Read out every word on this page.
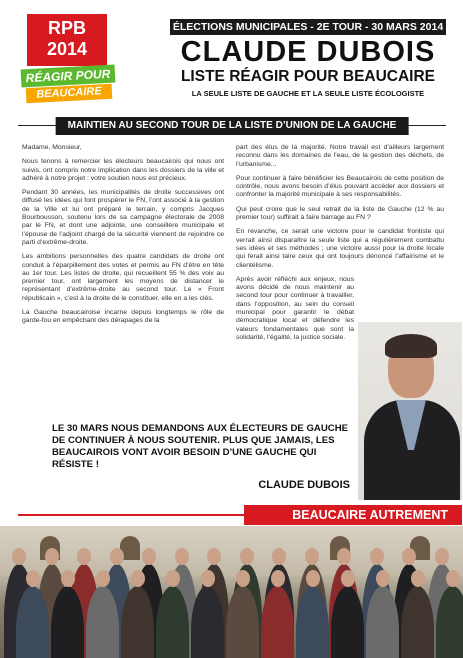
RPB
2014
RÉAGIR POUR
BEAUCAIRE
ÉLECTIONS MUNICIPALES - 2E TOUR - 30 MARS 2014
CLAUDE DUBOIS
LISTE RÉAGIR POUR BEAUCAIRE
LA SEULE LISTE DE GAUCHE ET LA SEULE LISTE ÉCOLOGISTE
MAINTIEN AU SECOND TOUR DE LA LISTE D’UNION DE LA GAUCHE

Madame, Monsieur,

Nous tenons à remercier les électeurs beaucairois qui nous ont suivis, ont compris notre implication dans les dossiers de la ville et adhéré à notre projet : votre soutien nous est précieux.

Pendant 30 années, les municipalités de droite successives ont diffusé les idées qui font prospérer le FN, l’ont associé à la gestion de la Ville et lui ont préparé le terrain, y compris Jacques Bourbousson, soutenu lors de sa campagne électorale de 2008 par le FN, et dont une adjointe, une conseillère municipale et l’épouse de l’adjoint chargé de la sécurité viennent de rejoindre ce parti d’extrême-droite.

Les ambitions personnelles des quatre candidats de droite ont conduit à l’éparpillement des votes et permis au FN d’être en tête au 1er tour. Les listes de droite, qui recueillent 55 % des voix au premier tour, ont largement les moyens de distancer le représentant d’extrême-droite au second tour. Le « Front républicain », c’est à la droite de le constituer, elle en a les clés.

La Gauche beaucairoise incarne depuis longtemps le rôle de garde-fou en empêchant des dérapages de la

part des élus de la majorité. Notre travail est d’ailleurs largement reconnu dans les domaines de l’eau, de la gestion des déchets, de l’urbanisme...

Pour continuer à faire bénéficier les Beaucairois de cette position de contrôle, nous avons besoin d’élus pouvant accéder aux dossiers et confronter la majorité municipale à ses responsabilités.

Qui peut croire que le seul retrait de la liste de Gauche (12 % au premier tour) suffirait à faire barrage au FN ?

En revanche, ce serait une victoire pour le candidat frontiste qui verrait ainsi disparaître la seule liste qui a régulièrement combattu ses idées et ses méthodes ; une victoire aussi pour la droite locale qui ferait ainsi taire ceux qui ont toujours dénoncé l’affairisme et le clientélisme.

Après avoir réfléchi aux enjeux, nous avons décidé de nous maintenir au second tour pour continuer à travailler, dans l’opposition, au sein du conseil municipal pour garantir le débat démocratique local et défendre les valeurs fondamentales que sont la solidarité, l’égalité, la justice sociale.

LE 30 MARS NOUS DEMANDONS AUX ÉLECTEURS DE GAUCHE DE CONTINUER À NOUS SOUTENIR. PLUS QUE JAMAIS, LES BEAUCAIROIS VONT AVOIR BESOIN D’UNE GAUCHE QUI RÉSISTE !
CLAUDE DUBOIS
BEAUCAIRE AUTREMENT
